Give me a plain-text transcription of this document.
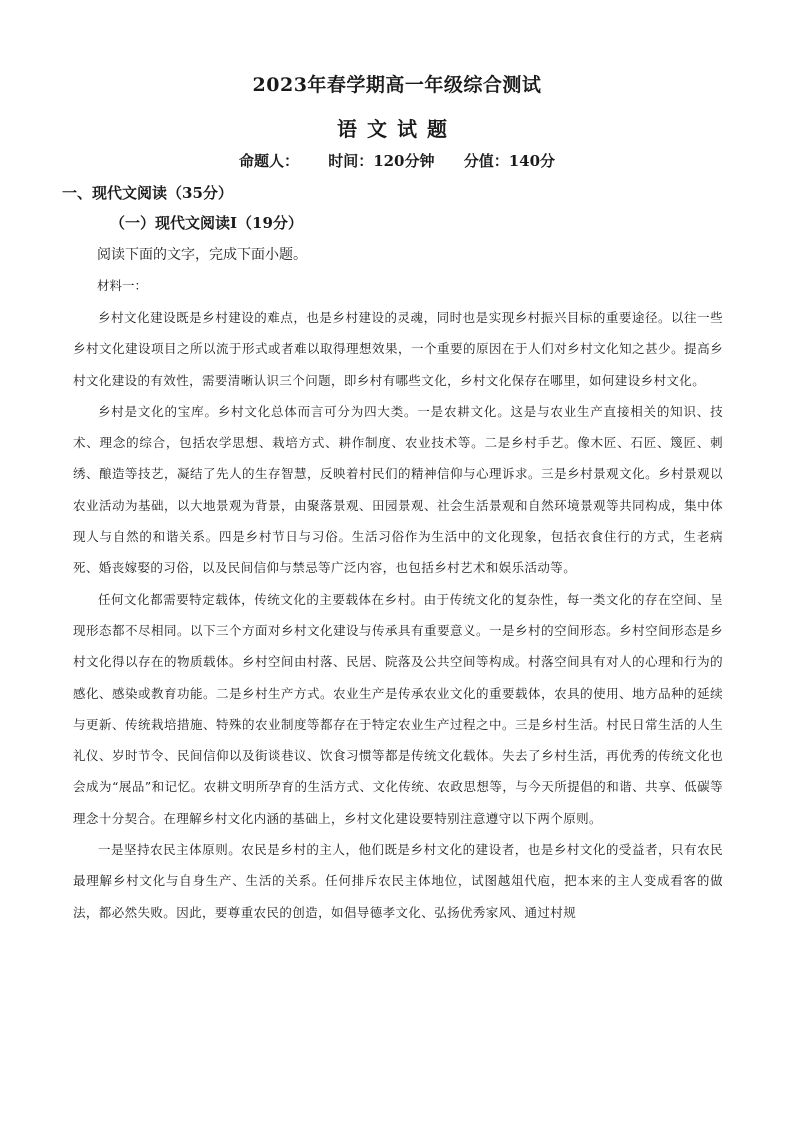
2023年春学期高一年级综合测试
语文试题
命题人： 时间：120分钟 分值：140分
一、现代文阅读（35分）
（一）现代文阅读Ⅰ（19分）
阅读下面的文字，完成下面小题。
材料一：

乡村文化建设既是乡村建设的难点，也是乡村建设的灵魂，同时也是实现乡村振兴目标的重要途径。以往一些乡村文化建设项目之所以流于形式或者难以取得理想效果，一个重要的原因在于人们对乡村文化知之甚少。提高乡村文化建设的有效性，需要清晰认识三个问题，即乡村有哪些文化，乡村文化保存在哪里，如何建设乡村文化。

乡村是文化的宝库。乡村文化总体而言可分为四大类。一是农耕文化。这是与农业生产直接相关的知识、技术、理念的综合，包括农学思想、栽培方式、耕作制度、农业技术等。二是乡村手艺。像木匠、石匠、篾匠、刺绣、酿造等技艺，凝结了先人的生存智慧，反映着村民们的精神信仰与心理诉求。三是乡村景观文化。乡村景观以农业活动为基础，以大地景观为背景，由聚落景观、田园景观、社会生活景观和自然环境景观等共同构成，集中体现人与自然的和谐关系。四是乡村节日与习俗。生活习俗作为生活中的文化现象，包括衣食住行的方式，生老病死、婚丧嫁娶的习俗，以及民间信仰与禁忌等广泛内容，也包括乡村艺术和娱乐活动等。

任何文化都需要特定载体，传统文化的主要载体在乡村。由于传统文化的复杂性，每一类文化的存在空间、呈现形态都不尽相同。以下三个方面对乡村文化建设与传承具有重要意义。一是乡村的空间形态。乡村空间形态是乡村文化得以存在的物质载体。乡村空间由村落、民居、院落及公共空间等构成。村落空间具有对人的心理和行为的感化、感染或教育功能。二是乡村生产方式。农业生产是传承农业文化的重要载体，农具的使用、地方品种的延续与更新、传统栽培措施、特殊的农业制度等都存在于特定农业生产过程之中。三是乡村生活。村民日常生活的人生礼仪、岁时节令、民间信仰以及街谈巷议、饮食习惯等都是传统文化载体。失去了乡村生活，再优秀的传统文化也会成为“展品”和记忆。农耕文明所孕育的生活方式、文化传统、农政思想等，与今天所提倡的和谐、共享、低碳等理念十分契合。在理解乡村文化内涵的基础上，乡村文化建设要特别注意遵守以下两个原则。

一是坚持农民主体原则。农民是乡村的主人，他们既是乡村文化的建设者，也是乡村文化的受益者，只有农民最理解乡村文化与自身生产、生活的关系。任何排斥农民主体地位，试图越俎代庖，把本来的主人变成看客的做法，都必然失败。因此，要尊重农民的创造，如倡导德孝文化、弘扬优秀家风、通过村规
